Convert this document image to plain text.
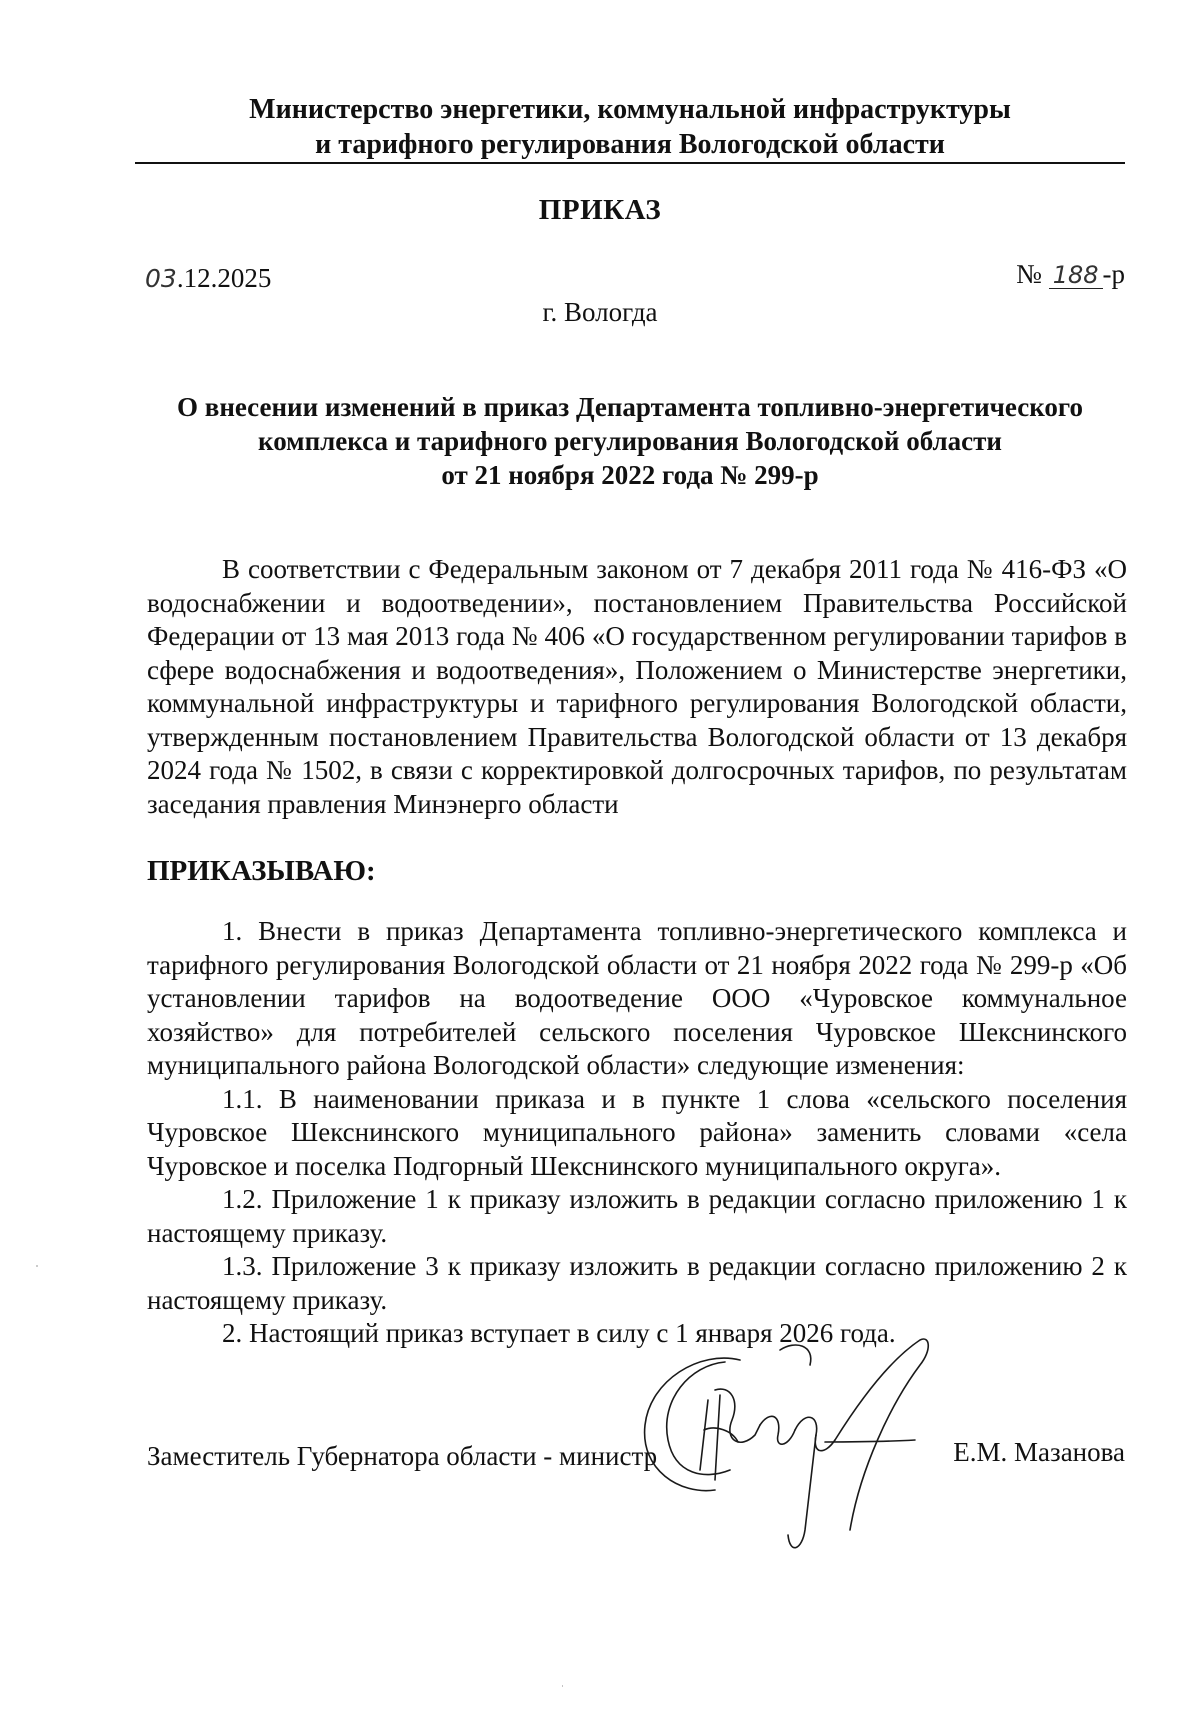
Министерство энергетики, коммунальной инфраструктуры
и тарифного регулирования Вологодской области
ПРИКАЗ
03.12.2025	№ 188 -р
г. Вологда
О внесении изменений в приказ Департамента топливно-энергетического
комплекса и тарифного регулирования Вологодской области
от 21 ноября 2022 года № 299-р

В соответствии с Федеральным законом от 7 декабря 2011 года № 416-ФЗ «О водоснабжении и водоотведении», постановлением Правительства Российской Федерации от 13 мая 2013 года № 406 «О государственном регулировании тарифов в сфере водоснабжения и водоотведения», Положением о Министерстве энергетики, коммунальной инфраструктуры и тарифного регулирования Вологодской области, утвержденным постановлением Правительства Вологодской области от 13 декабря 2024 года № 1502, в связи с корректировкой долгосрочных тарифов, по результатам заседания правления Минэнерго области

ПРИКАЗЫВАЮ:

1. Внести в приказ Департамента топливно-энергетического комплекса и тарифного регулирования Вологодской области от 21 ноября 2022 года № 299-р «Об установлении тарифов на водоотведение ООО «Чуровское коммунальное хозяйство» для потребителей сельского поселения Чуровское Шекснинского муниципального района Вологодской области» следующие изменения:

1.1. В наименовании приказа и в пункте 1 слова «сельского поселения Чуровское Шекснинского муниципального района» заменить словами «села Чуровское и поселка Подгорный Шекснинского муниципального округа».

1.2. Приложение 1 к приказу изложить в редакции согласно приложению 1 к настоящему приказу.

1.3. Приложение 3 к приказу изложить в редакции согласно приложению 2 к настоящему приказу.

2. Настоящий приказ вступает в силу с 1 января 2026 года.

Заместитель Губернатора области - министр	Е.М. Мазанова
